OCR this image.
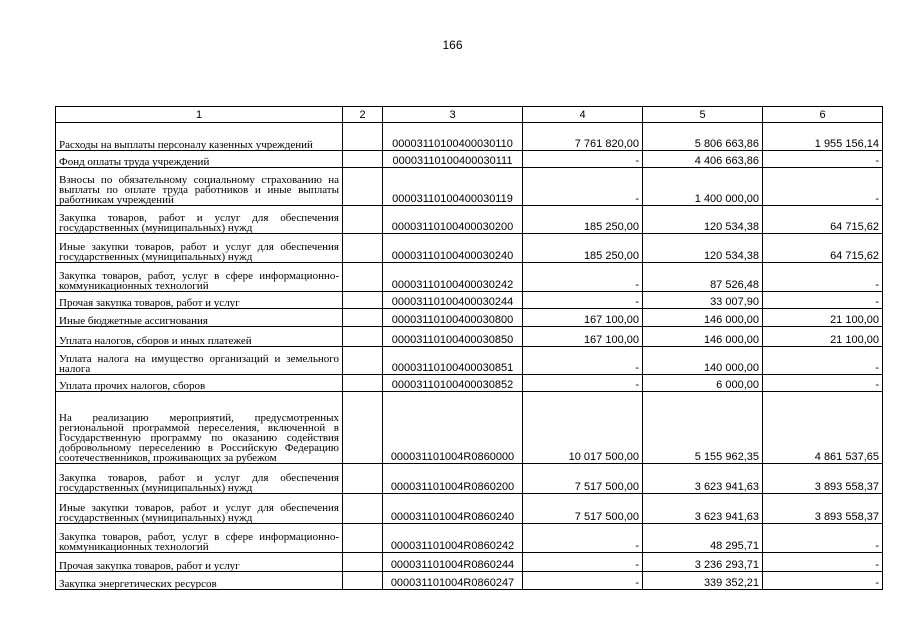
166
1	2	3	4	5	6
Расходы на выплаты персоналу казенных учреждений		00003110100400030110	7 761 820,00	5 806 663,86	1 955 156,14
Фонд оплаты труда учреждений		00003110100400030111	-	4 406 663,86	-
Взносы по обязательному социальному страхованию на выплаты по оплате труда работников и иные выплаты работникам учреждений		00003110100400030119	-	1 400 000,00	-
Закупка товаров, работ и услуг для обеспечения государственных (муниципальных) нужд		00003110100400030200	185 250,00	120 534,38	64 715,62
Иные закупки товаров, работ и услуг для обеспечения государственных (муниципальных) нужд		00003110100400030240	185 250,00	120 534,38	64 715,62
Закупка товаров, работ, услуг в сфере информационно-коммуникационных технологий		00003110100400030242	-	87 526,48	-
Прочая закупка товаров, работ и услуг		00003110100400030244	-	33 007,90	-
Иные бюджетные ассигнования		00003110100400030800	167 100,00	146 000,00	21 100,00
Уплата налогов, сборов и иных платежей		00003110100400030850	167 100,00	146 000,00	21 100,00
Уплата налога на имущество организаций и земельного налога		00003110100400030851	-	140 000,00	-
Уплата прочих налогов, сборов		00003110100400030852	-	6 000,00	-
На реализацию мероприятий, предусмотренных региональной программой переселения, включенной в Государственную программу по оказанию содействия добровольному переселению в Российскую Федерацию соотечественников, проживающих за рубежом		000031101004R0860000	10 017 500,00	5 155 962,35	4 861 537,65
Закупка товаров, работ и услуг для обеспечения государственных (муниципальных) нужд		000031101004R0860200	7 517 500,00	3 623 941,63	3 893 558,37
Иные закупки товаров, работ и услуг для обеспечения государственных (муниципальных) нужд		000031101004R0860240	7 517 500,00	3 623 941,63	3 893 558,37
Закупка товаров, работ, услуг в сфере информационно-коммуникационных технологий		000031101004R0860242	-	48 295,71	-
Прочая закупка товаров, работ и услуг		000031101004R0860244	-	3 236 293,71	-
Закупка энергетических ресурсов		000031101004R0860247	-	339 352,21	-
